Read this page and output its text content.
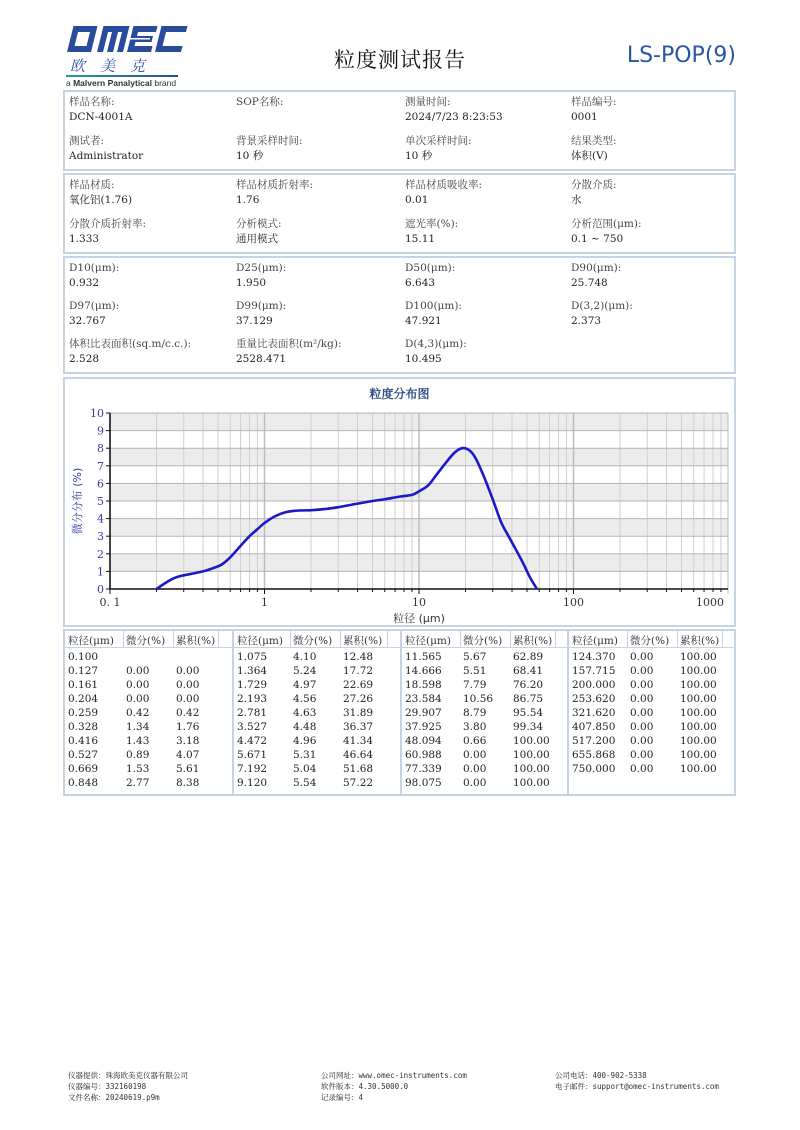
欧美克
a Malvern Panalytical brand
粒度测试报告	LS-POP(9)
样品名称:
DCN-4001A
SOP名称:	测量时间:
2024/7/23 8:23:53
样品编号:
0001
测试者:
Administrator
背景采样时间:
10 秒
单次采样时间:
10 秒
结果类型:
体积(V)
样品材质:
氧化铝(1.76)
样品材质折射率:
1.76
样品材质吸收率:
0.01
分散介质:
水
分散介质折射率:
1.333
分析模式:
通用模式
遮光率(%):
15.11
分析范围(μm):
0.1 ~ 750
D10(μm):
0.932
D25(μm):
1.950
D50(μm):
6.643
D90(μm):
25.748
D97(μm):
32.767
D99(μm):
37.129
D100(μm):
47.921
D(3,2)(μm):
2.373
体积比表面积(sq.m/c.c.):
2.528
重量比表面积(m²/kg):
2528.471
D(4,3)(μm):
10.495
粒度分布图
0
1
2
3
4
5
6
7
8
9
10
0. 1	1	10	100	1000
粒径 (μm)
微分分布 (%)
粒径(μm) 微分(%) 累积(%)
0.100
0.127	0.00	0.00
0.161	0.00	0.00
0.204	0.00	0.00
0.259	0.42	0.42
0.328	1.34	1.76
0.416	1.43	3.18
0.527	0.89	4.07
0.669	1.53	5.61
0.848	2.77	8.38
粒径(μm) 微分(%) 累积(%)
1.075 4.10	12.48
1.364 5.24	17.72
1.729 4.97	22.69
2.193 4.56	27.26
2.781 4.63	31.89
3.527 4.48	36.37
4.472 4.96	41.34
5.671 5.31	46.64
7.192 5.04	51.68
9.120 5.54	57.22
粒径(μm) 微分(%) 累积(%)
11.565 5.67	62.89
14.666 5.51	68.41
18.598 7.79	76.20
23.584 10.56 86.75
29.907 8.79	95.54
37.925 3.80	99.34
48.094 0.66	100.00
60.988 0.00	100.00
77.339 0.00	100.00
98.075 0.00	100.00
粒径(μm) 微分(%) 累积(%)
124.370 0.00	100.00
157.715 0.00	100.00
200.000 0.00	100.00
253.620 0.00	100.00
321.620 0.00	100.00
407.850 0.00	100.00
517.200 0.00	100.00
655.868 0.00	100.00
750.000 0.00	100.00
仪器提供：珠海欧美克仪器有限公司
仪器编号：332160198
文件名称：20240619.p9m
公司网址：www.omec-instruments.com
软件版本：4.30.5000.0
记录编号：4
公司电话：400-902-5338
电子邮件：support@omec-instruments.com
